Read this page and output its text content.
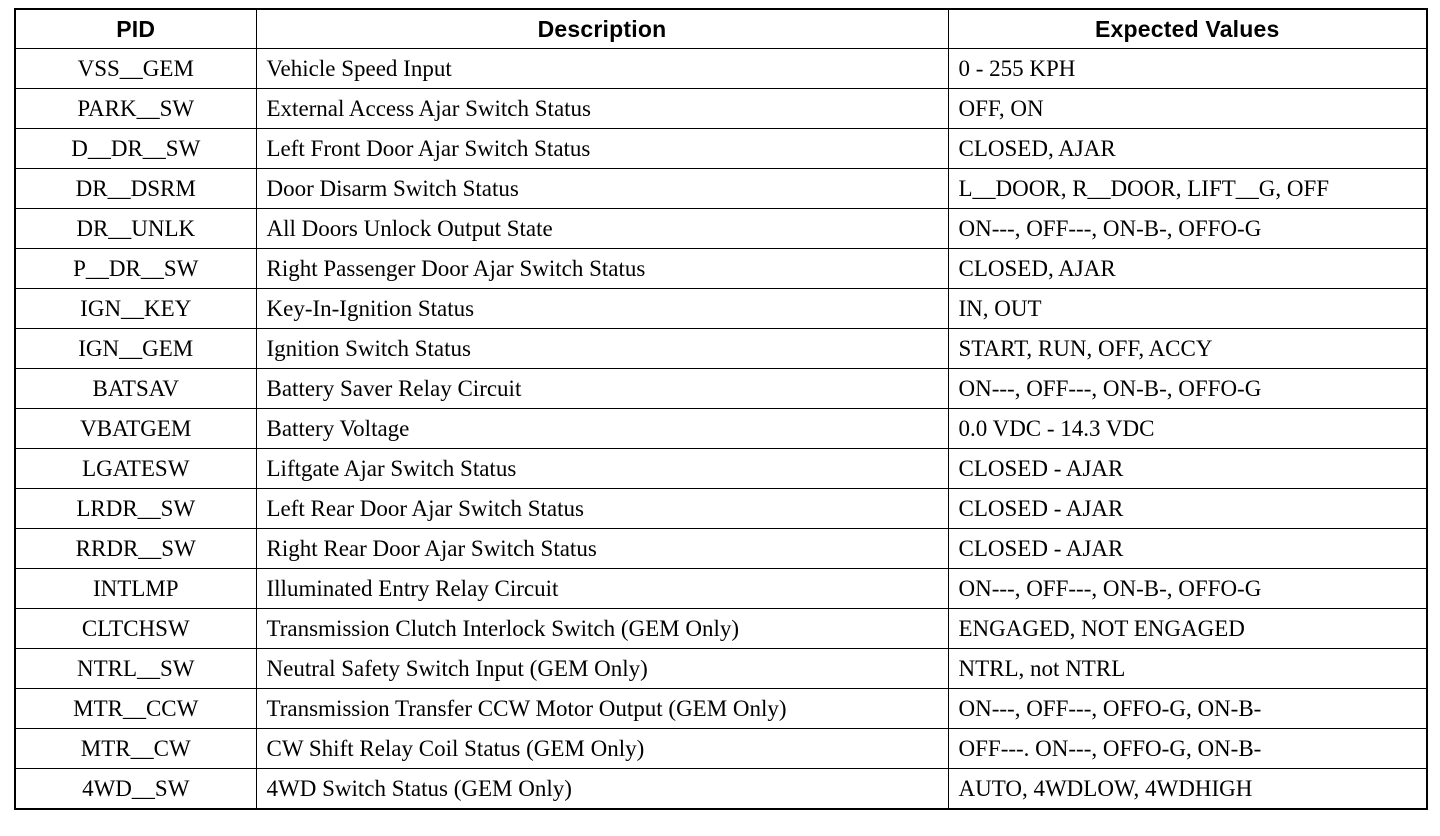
PID	Description	Expected Values
VSS__GEM	Vehicle Speed Input	0 - 255 KPH
PARK__SW	External Access Ajar Switch Status	OFF, ON
D__DR__SW	Left Front Door Ajar Switch Status	CLOSED, AJAR
DR__DSRM	Door Disarm Switch Status	L__DOOR, R__DOOR, LIFT__G, OFF
DR__UNLK	All Doors Unlock Output State	ON---, OFF---, ON-B-, OFFO-G
P__DR__SW	Right Passenger Door Ajar Switch Status	CLOSED, AJAR
IGN__KEY	Key-In-Ignition Status	IN, OUT
IGN__GEM	Ignition Switch Status	START, RUN, OFF, ACCY
BATSAV	Battery Saver Relay Circuit	ON---, OFF---, ON-B-, OFFO-G
VBATGEM	Battery Voltage	0.0 VDC - 14.3 VDC
LGATESW	Liftgate Ajar Switch Status	CLOSED - AJAR
LRDR__SW	Left Rear Door Ajar Switch Status	CLOSED - AJAR
RRDR__SW	Right Rear Door Ajar Switch Status	CLOSED - AJAR
INTLMP	Illuminated Entry Relay Circuit	ON---, OFF---, ON-B-, OFFO-G
CLTCHSW	Transmission Clutch Interlock Switch (GEM Only)	ENGAGED, NOT ENGAGED
NTRL__SW	Neutral Safety Switch Input (GEM Only)	NTRL, not NTRL
MTR__CCW	Transmission Transfer CCW Motor Output (GEM Only)	ON---, OFF---, OFFO-G, ON-B-
MTR__CW	CW Shift Relay Coil Status (GEM Only)	OFF---. ON---, OFFO-G, ON-B-
4WD__SW	4WD Switch Status (GEM Only)	AUTO, 4WDLOW, 4WDHIGH
